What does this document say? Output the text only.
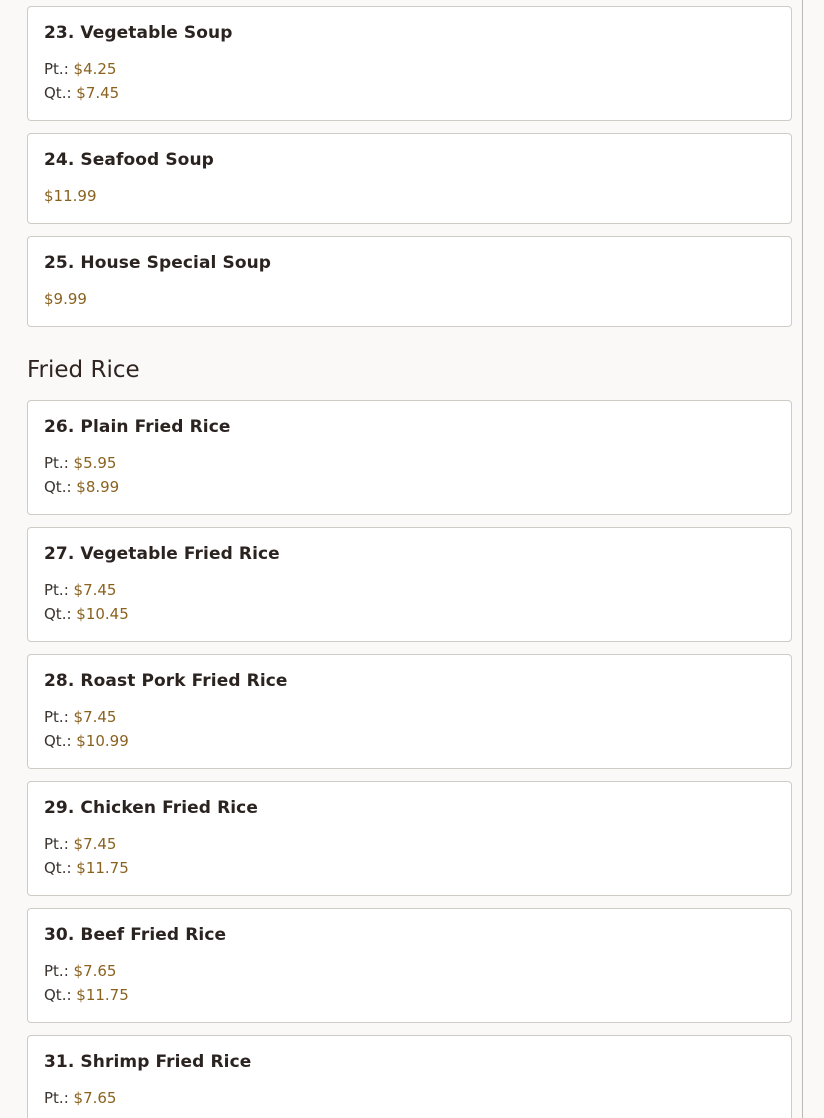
23. Vegetable Soup
Pt.: $4.25
Qt.: $7.45
24. Seafood Soup
$11.99
25. House Special Soup
$9.99
Fried Rice
26. Plain Fried Rice
Pt.: $5.95
Qt.: $8.99
27. Vegetable Fried Rice
Pt.: $7.45
Qt.: $10.45
28. Roast Pork Fried Rice
Pt.: $7.45
Qt.: $10.99
29. Chicken Fried Rice
Pt.: $7.45
Qt.: $11.75
30. Beef Fried Rice
Pt.: $7.65
Qt.: $11.75
31. Shrimp Fried Rice
Pt.: $7.65
